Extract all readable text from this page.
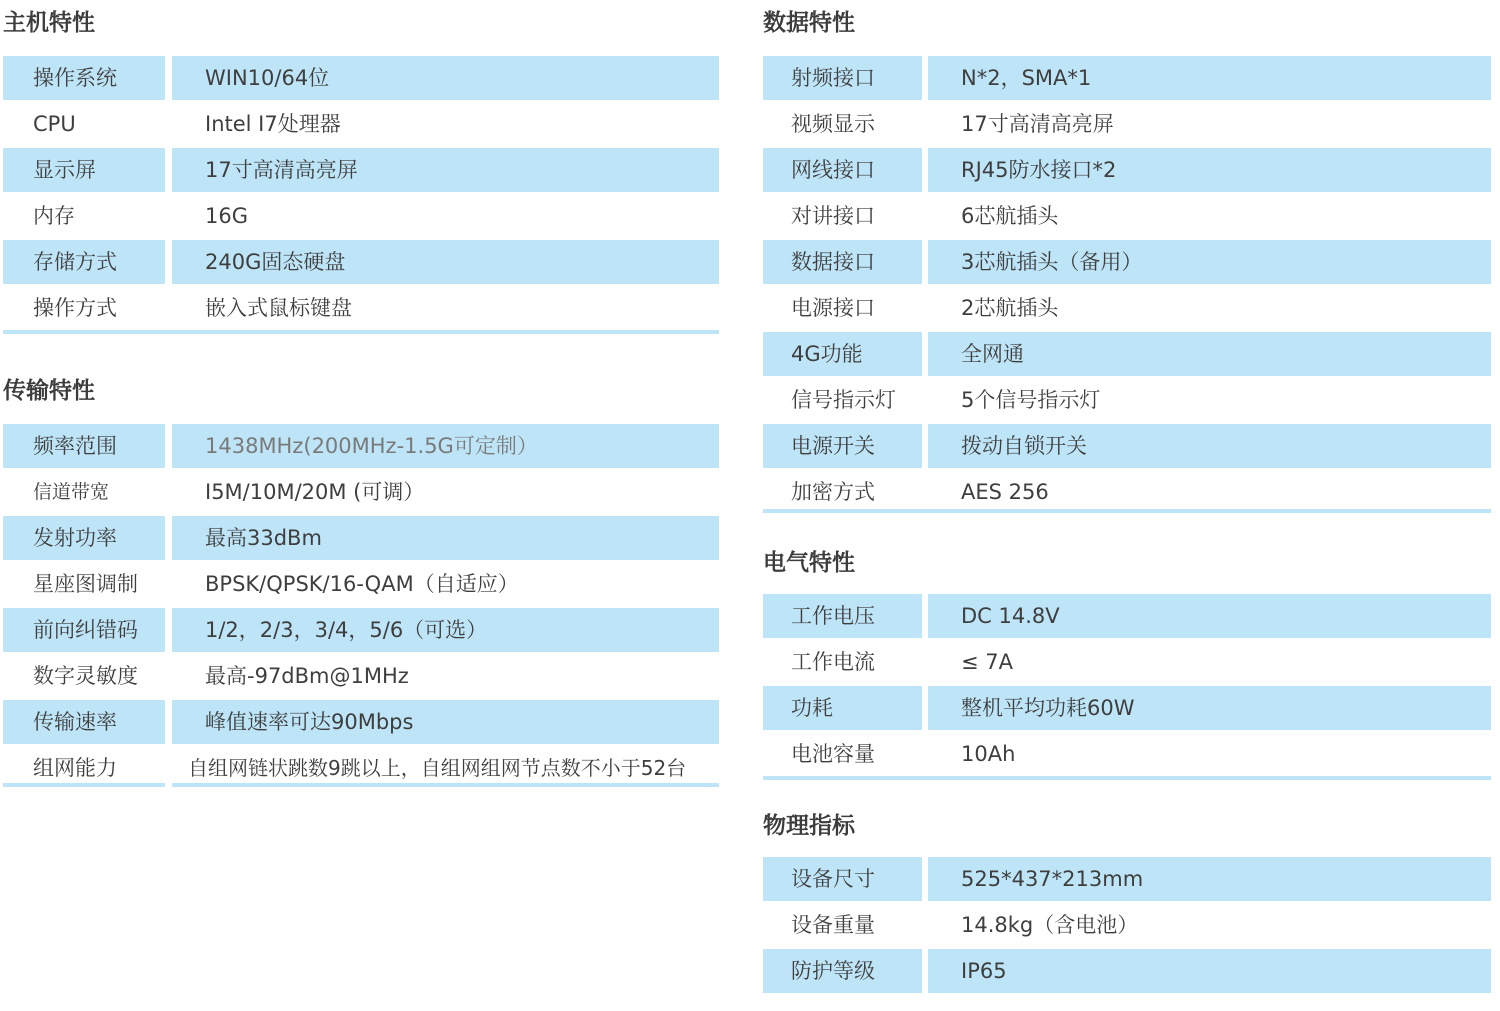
主机特性
操作系统	WIN10/64位
CPU	Intel I7处理器
显示屏	17寸高清高亮屏
内存	16G
存储方式	240G固态硬盘
操作方式	嵌入式鼠标键盘
传输特性
频率范围	1438MHz(200MHz-1.5G可定制）
信道带宽	I5M/10M/20M (可调）
发射功率	最高33dBm
星座图调制	BPSK/QPSK/16-QAM（自适应）
前向纠错码	1/2，2/3，3/4，5/6（可选）
数字灵敏度	最高-97dBm@1MHz
传输速率	峰值速率可达90Mbps
组网能力	自组网链状跳数9跳以上，自组网组网节点数不小于52台
数据特性
射频接口	N*2，SMA*1
视频显示	17寸高清高亮屏
网线接口	RJ45防水接口*2
对讲接口	6芯航插头
数据接口	3芯航插头（备用）
电源接口	2芯航插头
4G功能	全网通
信号指示灯	5个信号指示灯
电源开关	拨动自锁开关
加密方式	AES 256
电气特性
工作电压	DC 14.8V
工作电流	≤ 7A
功耗	整机平均功耗60W
电池容量	10Ah
物理指标
设备尺寸	525*437*213mm
设备重量	14.8kg（含电池）
防护等级	IP65
